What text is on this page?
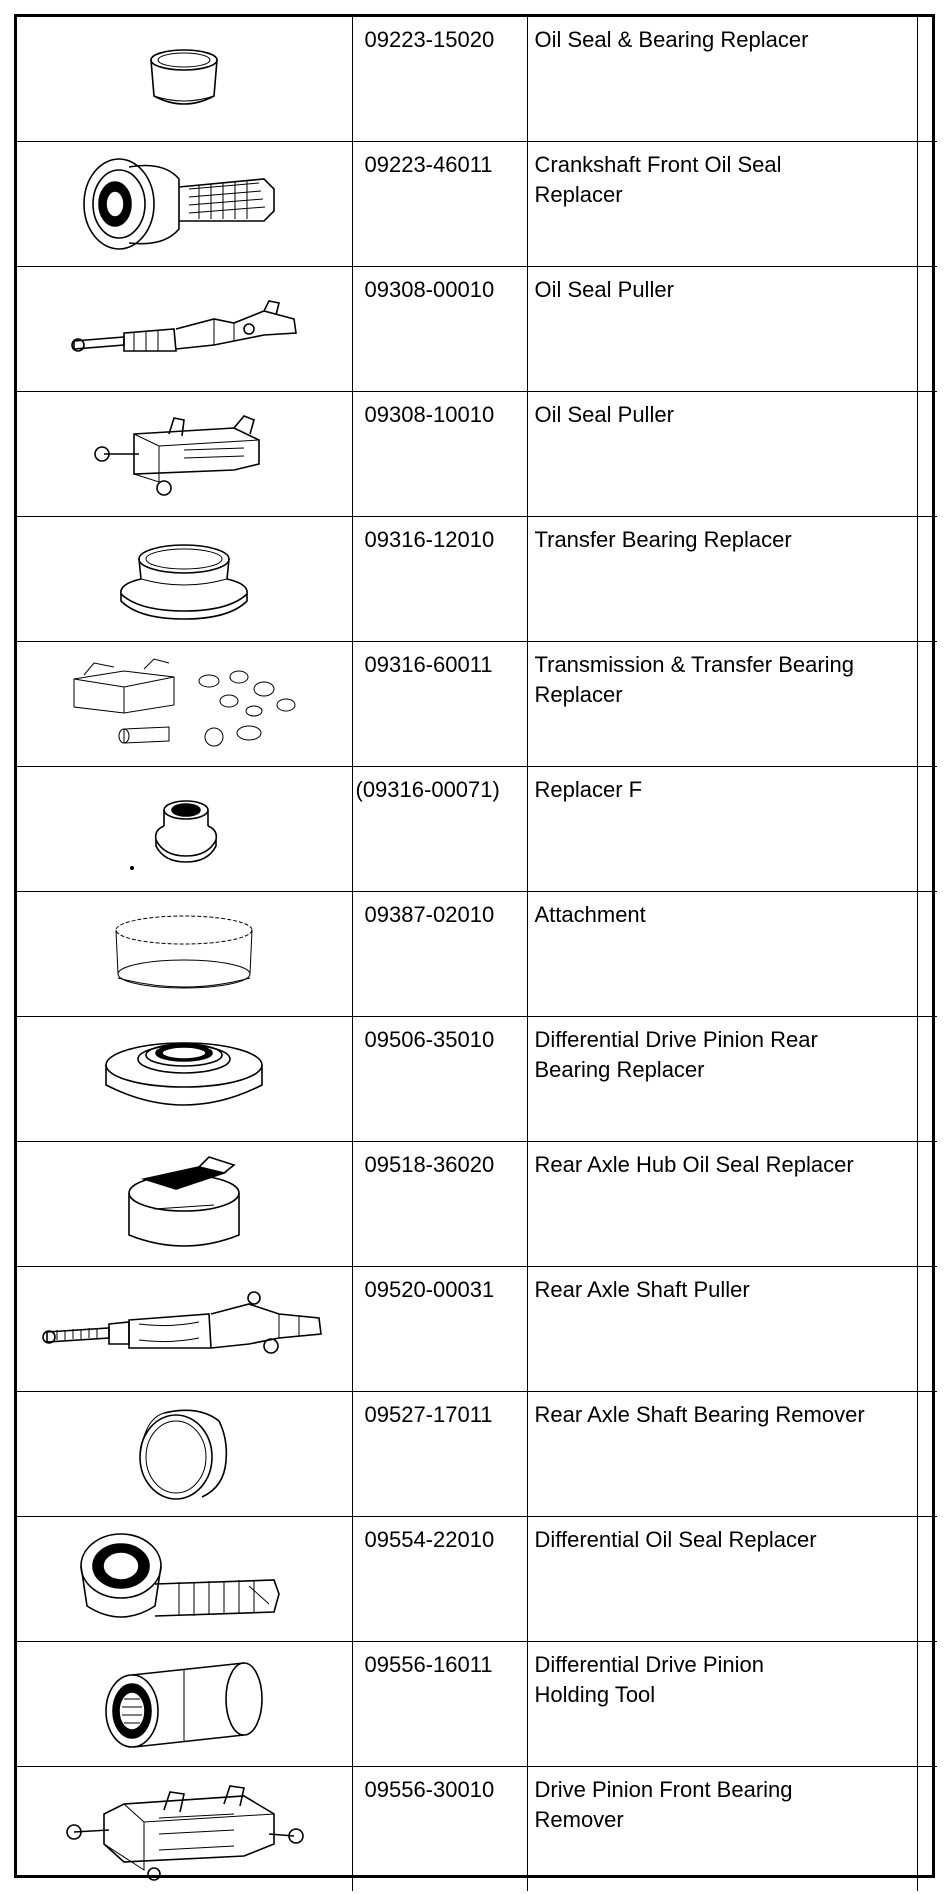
09223-15020	Oil Seal & Bearing Replacer	

09223-46011	Crankshaft Front Oil Seal
Replacer	

09308-00010	Oil Seal Puller	

09308-10010	Oil Seal Puller	

09316-12010	Transfer Bearing Replacer	

09316-60011	Transmission & Transfer Bearing
Replacer	

(09316-00071)	Replacer F	

09387-02010	Attachment	

09506-35010	Differential Drive Pinion Rear
Bearing Replacer	

09518-36020	Rear Axle Hub Oil Seal Replacer	

09520-00031	Rear Axle Shaft Puller	

09527-17011	Rear Axle Shaft Bearing Remover	

09554-22010	Differential Oil Seal Replacer	

09556-16011	Differential Drive Pinion
Holding Tool	

09556-30010	Drive Pinion Front Bearing
Remover	
